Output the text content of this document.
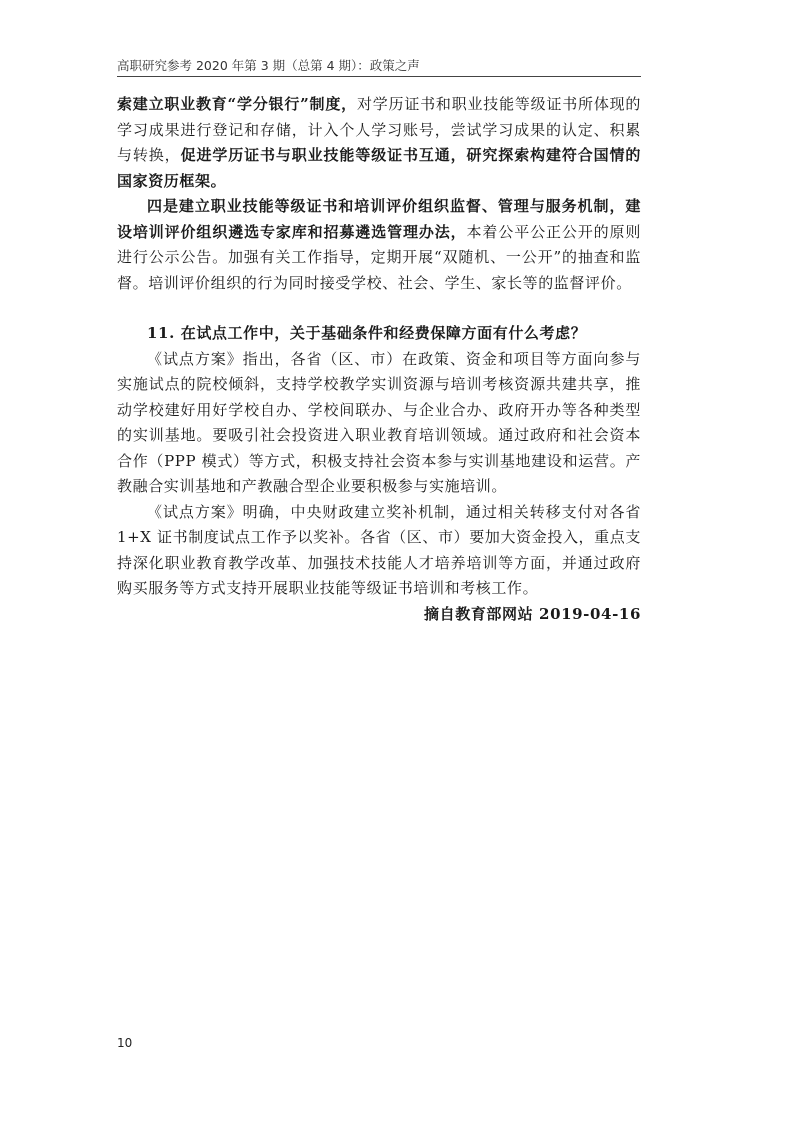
高职研究参考 2020 年第 3 期（总第 4 期）：政策之声

索建立职业教育“学分银行”制度，对学历证书和职业技能等级证书所体现的学习成果进行登记和存储，计入个人学习账号，尝试学习成果的认定、积累与转换，促进学历证书与职业技能等级证书互通，研究探索构建符合国情的国家资历框架。

四是建立职业技能等级证书和培训评价组织监督、管理与服务机制，建设培训评价组织遴选专家库和招募遴选管理办法，本着公平公正公开的原则进行公示公告。加强有关工作指导，定期开展“双随机、一公开”的抽查和监督。培训评价组织的行为同时接受学校、社会、学生、家长等的监督评价。

11. 在试点工作中，关于基础条件和经费保障方面有什么考虑？

《试点方案》指出，各省（区、市）在政策、资金和项目等方面向参与实施试点的院校倾斜，支持学校教学实训资源与培训考核资源共建共享，推动学校建好用好学校自办、学校间联办、与企业合办、政府开办等各种类型的实训基地。要吸引社会投资进入职业教育培训领域。通过政府和社会资本合作（PPP 模式）等方式，积极支持社会资本参与实训基地建设和运营。产教融合实训基地和产教融合型企业要积极参与实施培训。

《试点方案》明确，中央财政建立奖补机制，通过相关转移支付对各省 1+X 证书制度试点工作予以奖补。各省（区、市）要加大资金投入，重点支持深化职业教育教学改革、加强技术技能人才培养培训等方面，并通过政府购买服务等方式支持开展职业技能等级证书培训和考核工作。

摘自教育部网站 2019-04-16

10
